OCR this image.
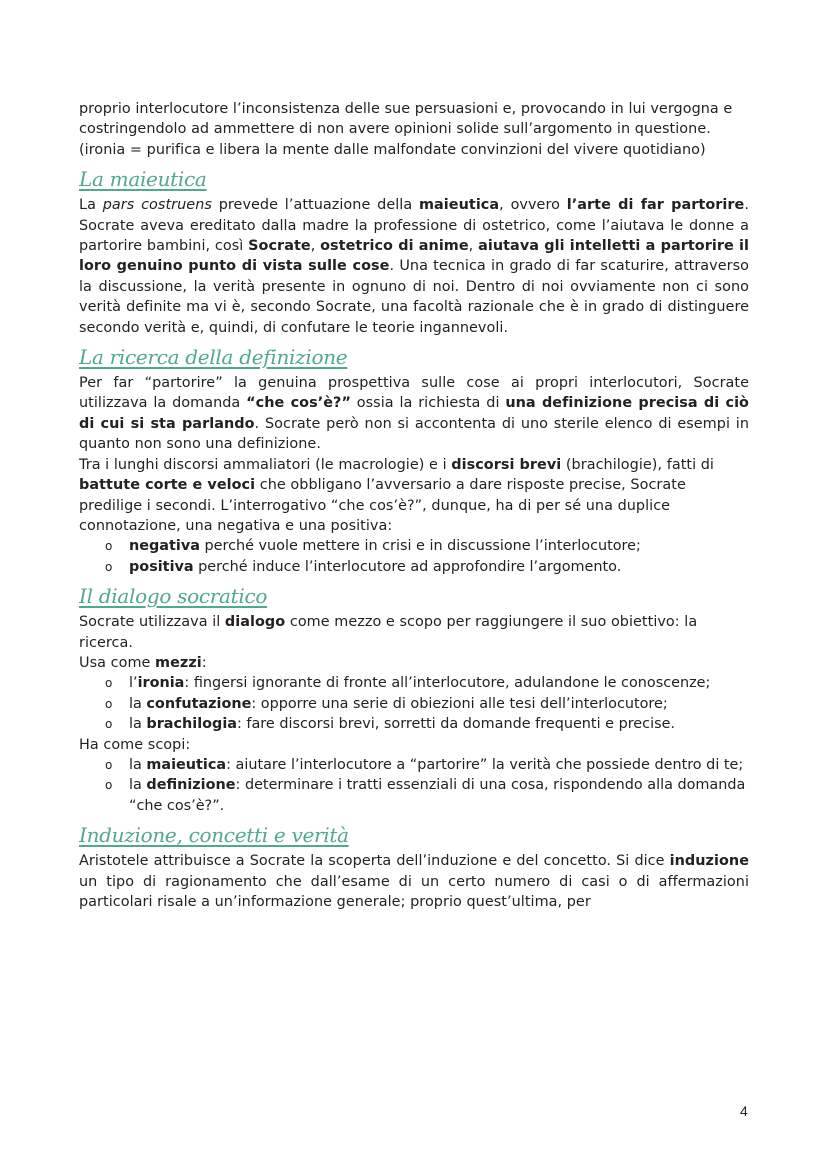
proprio interlocutore l’inconsistenza delle sue persuasioni e, provocando in lui vergogna e costringendolo ad ammettere di non avere opinioni solide sull’argomento in questione.

(ironia = purifica e libera la mente dalle malfondate convinzioni del vivere quotidiano)

La maieutica

La pars costruens prevede l’attuazione della maieutica, ovvero l’arte di far partorire. Socrate aveva ereditato dalla madre la professione di ostetrico, come l’aiutava le donne a partorire bambini, così Socrate, ostetrico di anime, aiutava gli intelletti a partorire il loro genuino punto di vista sulle cose. Una tecnica in grado di far scaturire, attraverso la discussione, la verità presente in ognuno di noi. Dentro di noi ovviamente non ci sono verità definite ma vi è, secondo Socrate, una facoltà razionale che è in grado di distinguere secondo verità e, quindi, di confutare le teorie ingannevoli.

La ricerca della definizione

Per far “partorire” la genuina prospettiva sulle cose ai propri interlocutori, Socrate utilizzava la domanda “che cos’è?” ossia la richiesta di una definizione precisa di ciò di cui si sta parlando. Socrate però non si accontenta di uno sterile elenco di esempi in quanto non sono una definizione.

Tra i lunghi discorsi ammaliatori (le macrologie) e i discorsi brevi (brachilogie), fatti di battute corte e veloci che obbligano l’avversario a dare risposte precise, Socrate predilige i secondi. L’interrogativo “che cos’è?”, dunque, ha di per sé una duplice connotazione, una negativa e una positiva:

o negativa perché vuole mettere in crisi e in discussione l’interlocutore;
o positiva perché induce l’interlocutore ad approfondire l’argomento.
Il dialogo socratico

Socrate utilizzava il dialogo come mezzo e scopo per raggiungere il suo obiettivo: la ricerca.

Usa come mezzi:

o l’ironia: fingersi ignorante di fronte all’interlocutore, adulandone le conoscenze;
o la confutazione: opporre una serie di obiezioni alle tesi dell’interlocutore;
o la brachilogia: fare discorsi brevi, sorretti da domande frequenti e precise.

Ha come scopi:

o la maieutica: aiutare l’interlocutore a “partorire” la verità che possiede dentro di te;
o la definizione: determinare i tratti essenziali di una cosa, rispondendo alla domanda “che cos’è?”.
Induzione, concetti e verità

Aristotele attribuisce a Socrate la scoperta dell’induzione e del concetto. Si dice induzione un tipo di ragionamento che dall’esame di un certo numero di casi o di affermazioni particolari risale a un’informazione generale; proprio quest’ultima, per

4
